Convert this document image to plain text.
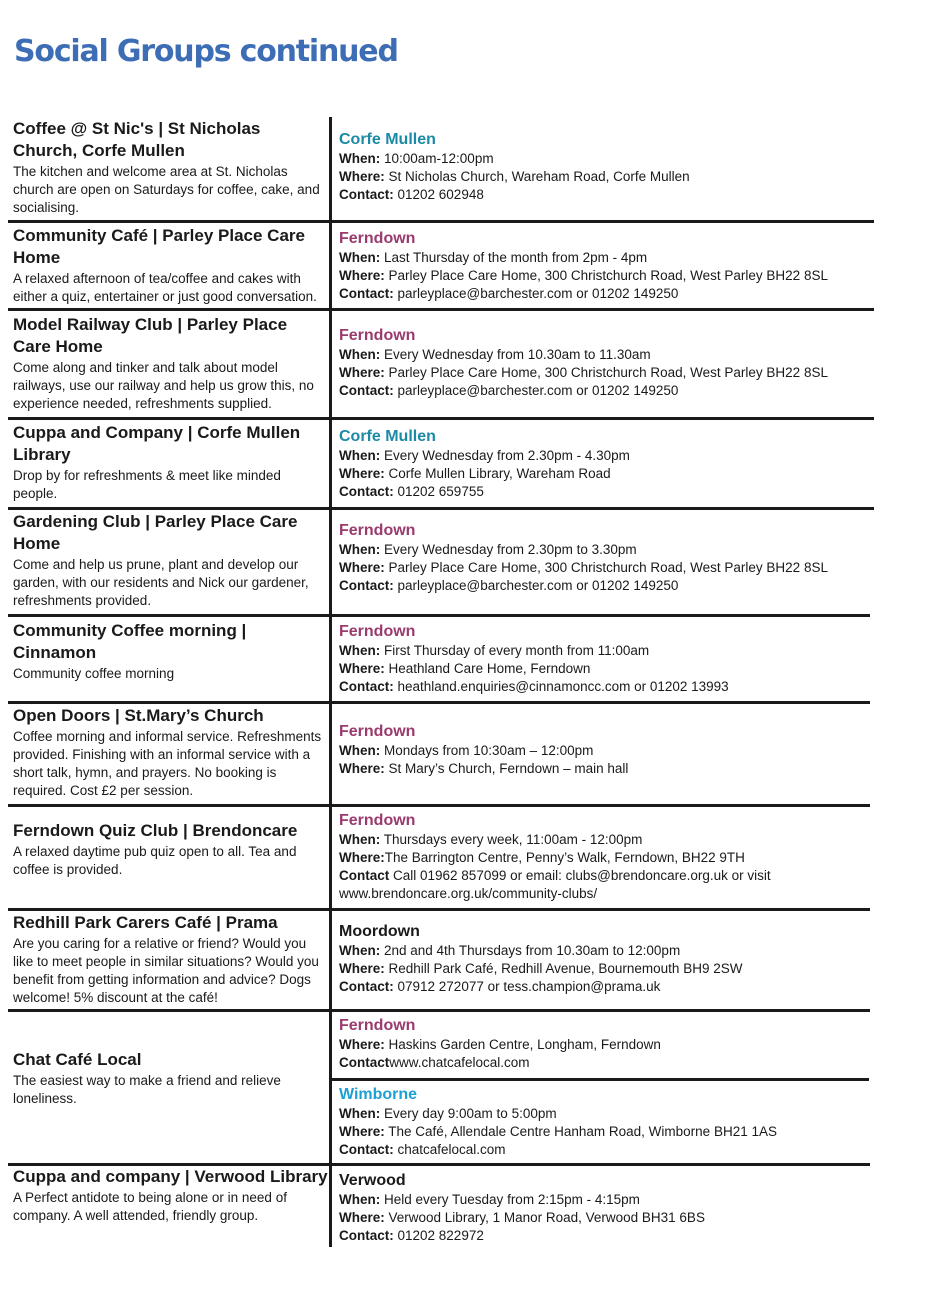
Social Groups continued
Coffee @ St Nic's | St Nicholas Church, Corfe Mullen
The kitchen and welcome area at St. Nicholas church are open on Saturdays for coffee, cake, and socialising.
Corfe Mullen
When: 10:00am-12:00pm
Where: St Nicholas Church, Wareham Road, Corfe Mullen
Contact: 01202 602948
Community Café | Parley Place Care Home
A relaxed afternoon of tea/coffee and cakes with either a quiz, entertainer or just good conversation.
Ferndown
When: Last Thursday of the month from 2pm - 4pm
Where: Parley Place Care Home, 300 Christchurch Road, West Parley BH22 8SL
Contact: parleyplace@barchester.com or 01202 149250
Model Railway Club | Parley Place Care Home
Come along and tinker and talk about model railways, use our railway and help us grow this, no experience needed, refreshments supplied.
Ferndown
When: Every Wednesday from 10.30am to 11.30am
Where: Parley Place Care Home, 300 Christchurch Road, West Parley BH22 8SL
Contact: parleyplace@barchester.com or 01202 149250
Cuppa and Company | Corfe Mullen Library
Drop by for refreshments & meet like minded people.
Corfe Mullen
When: Every Wednesday from 2.30pm - 4.30pm
Where: Corfe Mullen Library, Wareham Road
Contact: 01202 659755
Gardening Club | Parley Place Care Home
Come and help us prune, plant and develop our garden, with our residents and Nick our gardener, refreshments provided.
Ferndown
When: Every Wednesday from 2.30pm to 3.30pm
Where: Parley Place Care Home, 300 Christchurch Road, West Parley BH22 8SL
Contact: parleyplace@barchester.com or 01202 149250
Community Coffee morning | Cinnamon
Community coffee morning
Ferndown
When: First Thursday of every month from 11:00am
Where: Heathland Care Home, Ferndown
Contact: heathland.enquiries@cinnamoncc.com or 01202 13993
Open Doors | St.Mary’s Church
Coffee morning and informal service. Refreshments provided. Finishing with an informal service with a short talk, hymn, and prayers. No booking is required. Cost £2 per session.
Ferndown
When: Mondays from 10:30am – 12:00pm
Where: St Mary’s Church, Ferndown – main hall
Ferndown Quiz Club | Brendoncare
A relaxed daytime pub quiz open to all. Tea and coffee is provided.
Ferndown
When: Thursdays every week, 11:00am - 12:00pm
Where:The Barrington Centre, Penny’s Walk, Ferndown, BH22 9TH
Contact Call 01962 857099 or email: clubs@brendoncare.org.uk or visit
www.brendoncare.org.uk/community-clubs/
Redhill Park Carers Café | Prama
Are you caring for a relative or friend? Would you like to meet people in similar situations? Would you benefit from getting information and advice? Dogs welcome! 5% discount at the café!
Moordown
When: 2nd and 4th Thursdays from 10.30am to 12:00pm
Where: Redhill Park Café, Redhill Avenue, Bournemouth BH9 2SW
Contact: 07912 272077 or tess.champion@prama.uk
Chat Café Local
The easiest way to make a friend and relieve loneliness.
Ferndown
Where: Haskins Garden Centre, Longham, Ferndown
Contactwww.chatcafelocal.com
Wimborne
When: Every day 9:00am to 5:00pm
Where: The Café, Allendale Centre Hanham Road, Wimborne BH21 1AS
Contact: chatcafelocal.com
Cuppa and company | Verwood Library
A Perfect antidote to being alone or in need of company. A well attended, friendly group.
Verwood
When: Held every Tuesday from 2:15pm - 4:15pm
Where: Verwood Library, 1 Manor Road, Verwood BH31 6BS
Contact: 01202 822972
